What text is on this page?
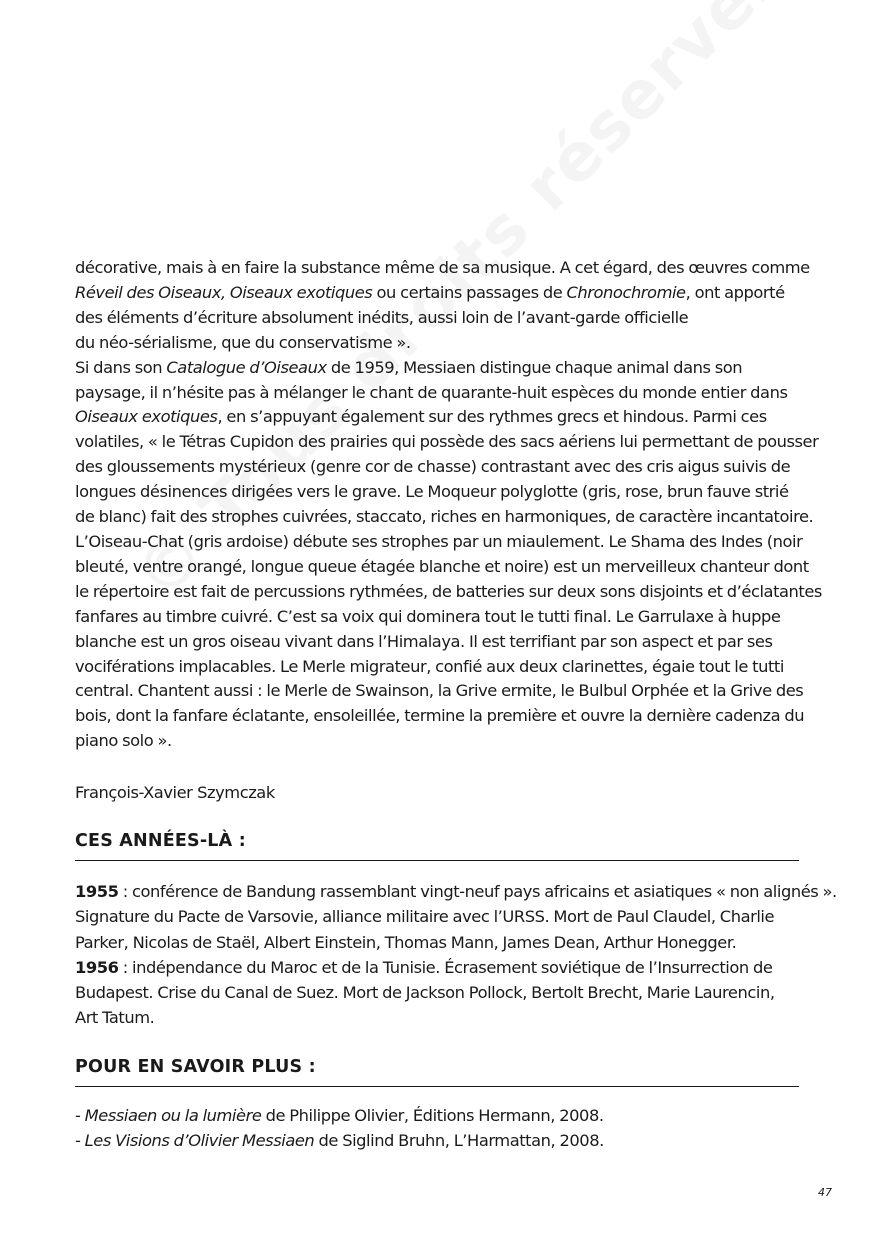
décorative, mais à en faire la substance même de sa musique. A cet égard, des œuvres comme
Réveil des Oiseaux, Oiseaux exotiques ou certains passages de Chronochromie, ont apporté
des éléments d’écriture absolument inédits, aussi loin de l’avant-garde officielle
du néo-sérialisme, que du conservatisme ».
Si dans son Catalogue d’Oiseaux de 1959, Messiaen distingue chaque animal dans son
paysage, il n’hésite pas à mélanger le chant de quarante-huit espèces du monde entier dans
Oiseaux exotiques, en s’appuyant également sur des rythmes grecs et hindous. Parmi ces
volatiles, « le Tétras Cupidon des prairies qui possède des sacs aériens lui permettant de pousser
des gloussements mystérieux (genre cor de chasse) contrastant avec des cris aigus suivis de
longues désinences dirigées vers le grave. Le Moqueur polyglotte (gris, rose, brun fauve strié
de blanc) fait des strophes cuivrées, staccato, riches en harmoniques, de caractère incantatoire.
L’Oiseau-Chat (gris ardoise) débute ses strophes par un miaulement. Le Shama des Indes (noir
bleuté, ventre orangé, longue queue étagée blanche et noire) est un merveilleux chanteur dont
le répertoire est fait de percussions rythmées, de batteries sur deux sons disjoints et d’éclatantes
fanfares au timbre cuivré. C’est sa voix qui dominera tout le tutti final. Le Garrulaxe à huppe
blanche est un gros oiseau vivant dans l’Himalaya. Il est terrifiant par son aspect et par ses
vociférations implacables. Le Merle migrateur, confié aux deux clarinettes, égaie tout le tutti
central. Chantent aussi : le Merle de Swainson, la Grive ermite, le Bulbul Orphée et la Grive des
bois, dont la fanfare éclatante, ensoleillée, termine la première et ouvre la dernière cadenza du
piano solo ».
François-Xavier Szymczak
CES ANNÉES-LÀ :
1955 : conférence de Bandung rassemblant vingt-neuf pays africains et asiatiques « non alignés ».
Signature du Pacte de Varsovie, alliance militaire avec l’URSS. Mort de Paul Claudel, Charlie
Parker, Nicolas de Staël, Albert Einstein, Thomas Mann, James Dean, Arthur Honegger.
1956 : indépendance du Maroc et de la Tunisie. Écrasement soviétique de l’Insurrection de
Budapest. Crise du Canal de Suez. Mort de Jackson Pollock, Bertolt Brecht, Marie Laurencin,
Art Tatum.
POUR EN SAVOIR PLUS :
- Messiaen ou la lumière de Philippe Olivier, Éditions Hermann, 2008.
- Les Visions d’Olivier Messiaen de Siglind Bruhn, L’Harmattan, 2008.
47
